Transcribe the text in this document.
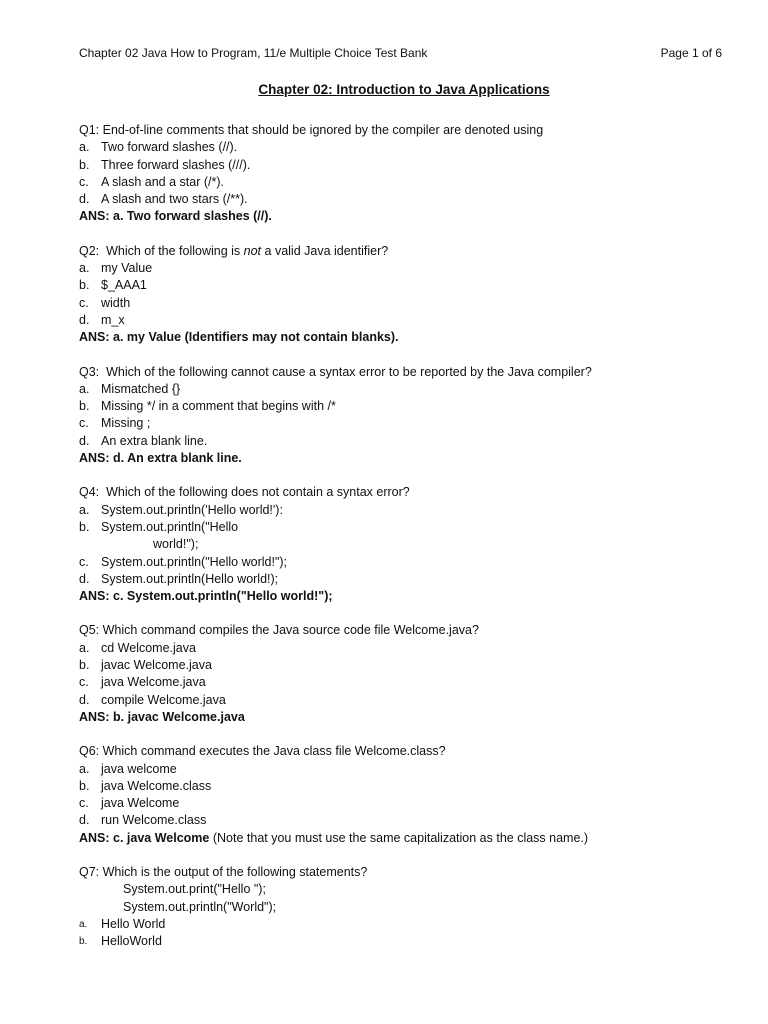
Chapter 02 Java How to Program, 11/e Multiple Choice Test Bank	Page 1 of 6
Chapter 02: Introduction to Java Applications
Q1: End-of-line comments that should be ignored by the compiler are denoted using
a. Two forward slashes (//).
b. Three forward slashes (///).
c. A slash and a star (/*).
d. A slash and two stars (/**).
ANS: a. Two forward slashes (//).
Q2:  Which of the following is not a valid Java identifier?
a. my Value
b. $_AAA1
c. width
d. m_x
ANS: a. my Value (Identifiers may not contain blanks).
Q3:  Which of the following cannot cause a syntax error to be reported by the Java compiler?
a. Mismatched {}
b. Missing */ in a comment that begins with /*
c. Missing ;
d. An extra blank line.
ANS: d. An extra blank line.
Q4:  Which of the following does not contain a syntax error?
a. System.out.println('Hello world!'):
b. System.out.println("Hello
world!");
c. System.out.println("Hello world!");
d. System.out.println(Hello world!);
ANS: c. System.out.println("Hello world!");
Q5: Which command compiles the Java source code file Welcome.java?
a. cd Welcome.java
b. javac Welcome.java
c. java Welcome.java
d. compile Welcome.java
ANS: b. javac Welcome.java
Q6: Which command executes the Java class file Welcome.class?
a. java welcome
b. java Welcome.class
c. java Welcome
d. run Welcome.class
ANS: c. java Welcome (Note that you must use the same capitalization as the class name.)
Q7: Which is the output of the following statements?
System.out.print("Hello ");
System.out.println("World");
a.	Hello World
b.	HelloWorld
